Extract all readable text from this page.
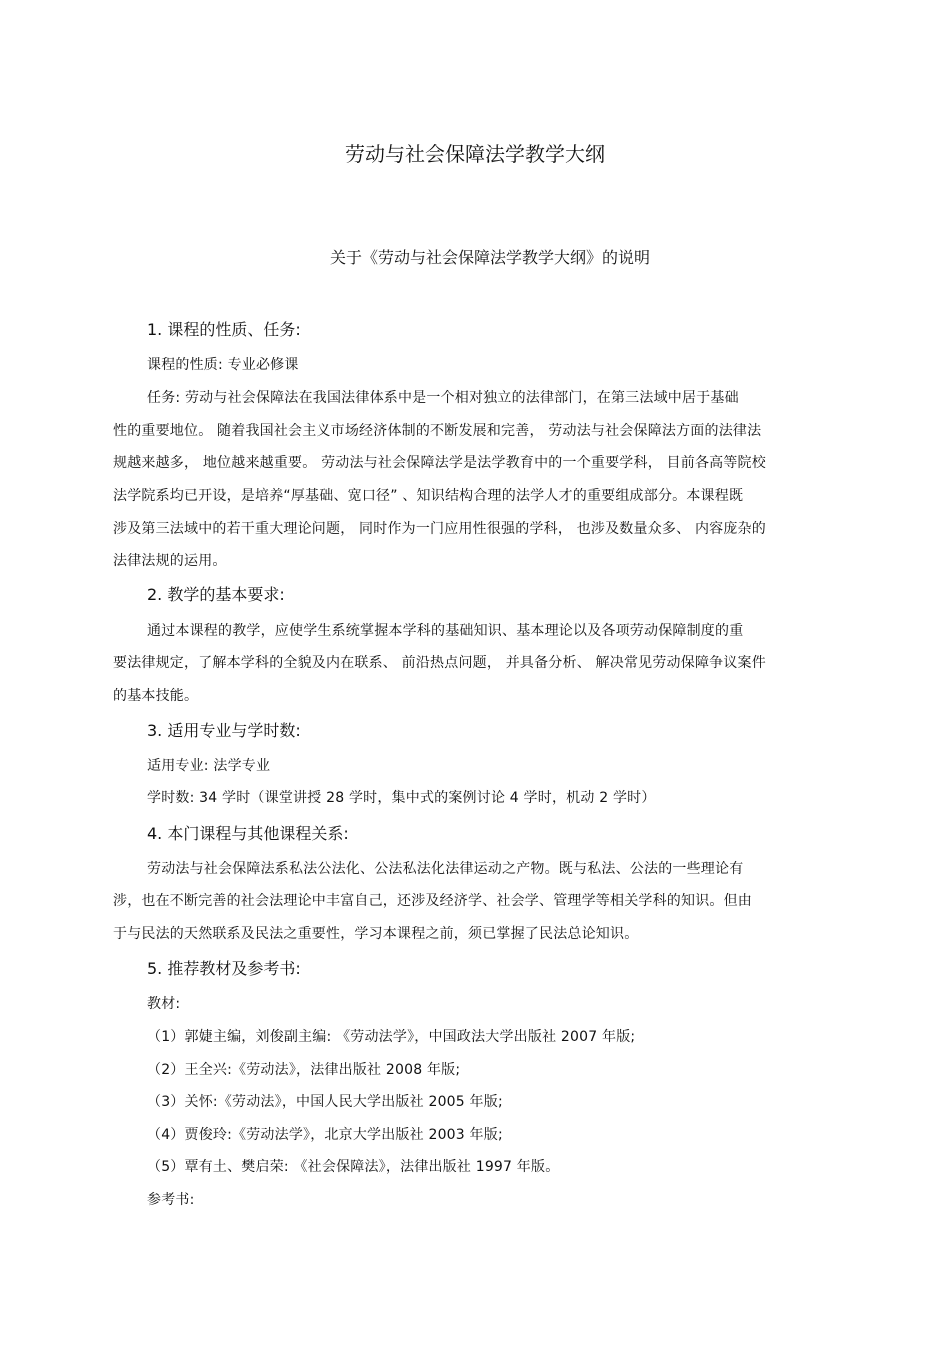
劳动与社会保障法学教学大纲
关于《劳动与社会保障法学教学大纲》的说明
1. 课程的性质、任务:
课程的性质: 专业必修课
任务: 劳动与社会保障法在我国法律体系中是一个相对独立的法律部门，在第三法域中居于基础
性的重要地位。 随着我国社会主义市场经济体制的不断发展和完善， 劳动法与社会保障法方面的法律法
规越来越多， 地位越来越重要。 劳动法与社会保障法学是法学教育中的一个重要学科， 目前各高等院校
法学院系均已开设，是培养“厚基础、宽口径” 、知识结构合理的法学人才的重要组成部分。本课程既
涉及第三法域中的若干重大理论问题， 同时作为一门应用性很强的学科， 也涉及数量众多、 内容庞杂的
法律法规的运用。
2. 教学的基本要求:
通过本课程的教学，应使学生系统掌握本学科的基础知识、基本理论以及各项劳动保障制度的重
要法律规定，了解本学科的全貌及内在联系、 前沿热点问题， 并具备分析、 解决常见劳动保障争议案件
的基本技能。
3. 适用专业与学时数:
适用专业: 法学专业
学时数: 34 学时（课堂讲授 28 学时，集中式的案例讨论 4 学时，机动 2 学时）
4. 本门课程与其他课程关系:
劳动法与社会保障法系私法公法化、公法私法化法律运动之产物。既与私法、公法的一些理论有
涉，也在不断完善的社会法理论中丰富自己，还涉及经济学、社会学、管理学等相关学科的知识。但由
于与民法的天然联系及民法之重要性，学习本课程之前，须已掌握了民法总论知识。
5. 推荐教材及参考书:
教材:
（1）郭婕主编，刘俊副主编: 《劳动法学》，中国政法大学出版社 2007 年版;
（2）王全兴:《劳动法》，法律出版社 2008 年版;
（3）关怀:《劳动法》，中国人民大学出版社 2005 年版;
（4）贾俊玲:《劳动法学》，北京大学出版社 2003 年版;
（5）覃有土、樊启荣: 《社会保障法》，法律出版社 1997 年版。
参考书:
